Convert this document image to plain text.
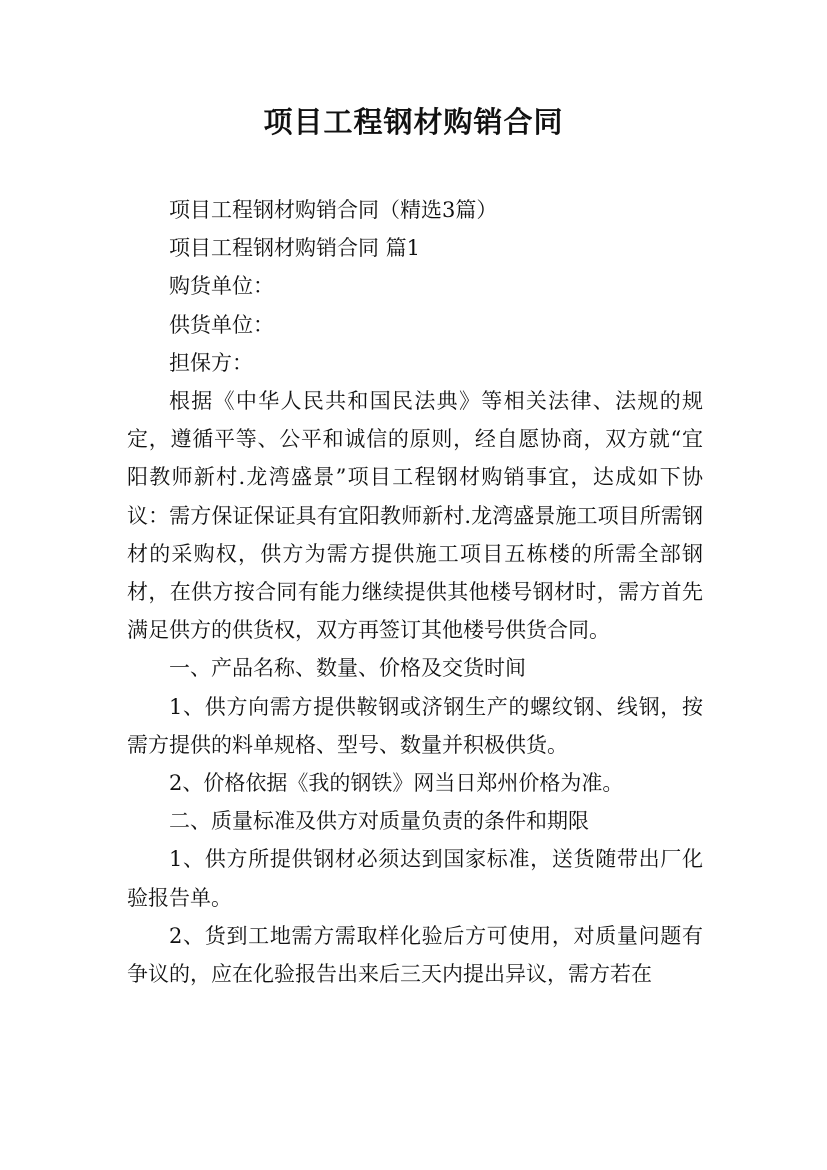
项目工程钢材购销合同

项目工程钢材购销合同（精选3篇）

项目工程钢材购销合同 篇1

购货单位：

供货单位：

担保方：

根据《中华人民共和国民法典》等相关法律、法规的规定，遵循平等、公平和诚信的原则，经自愿协商，双方就“宜阳教师新村.龙湾盛景”项目工程钢材购销事宜，达成如下协议：需方保证保证具有宜阳教师新村.龙湾盛景施工项目所需钢材的采购权，供方为需方提供施工项目五栋楼的所需全部钢材，在供方按合同有能力继续提供其他楼号钢材时，需方首先满足供方的供货权，双方再签订其他楼号供货合同。

一、产品名称、数量、价格及交货时间

1、供方向需方提供鞍钢或济钢生产的螺纹钢、线钢，按需方提供的料单规格、型号、数量并积极供货。

2、价格依据《我的钢铁》网当日郑州价格为准。

二、质量标准及供方对质量负责的条件和期限

1、供方所提供钢材必须达到国家标准，送货随带出厂化验报告单。

2、货到工地需方需取样化验后方可使用，对质量问题有争议的，应在化验报告出来后三天内提出异议，需方若在
